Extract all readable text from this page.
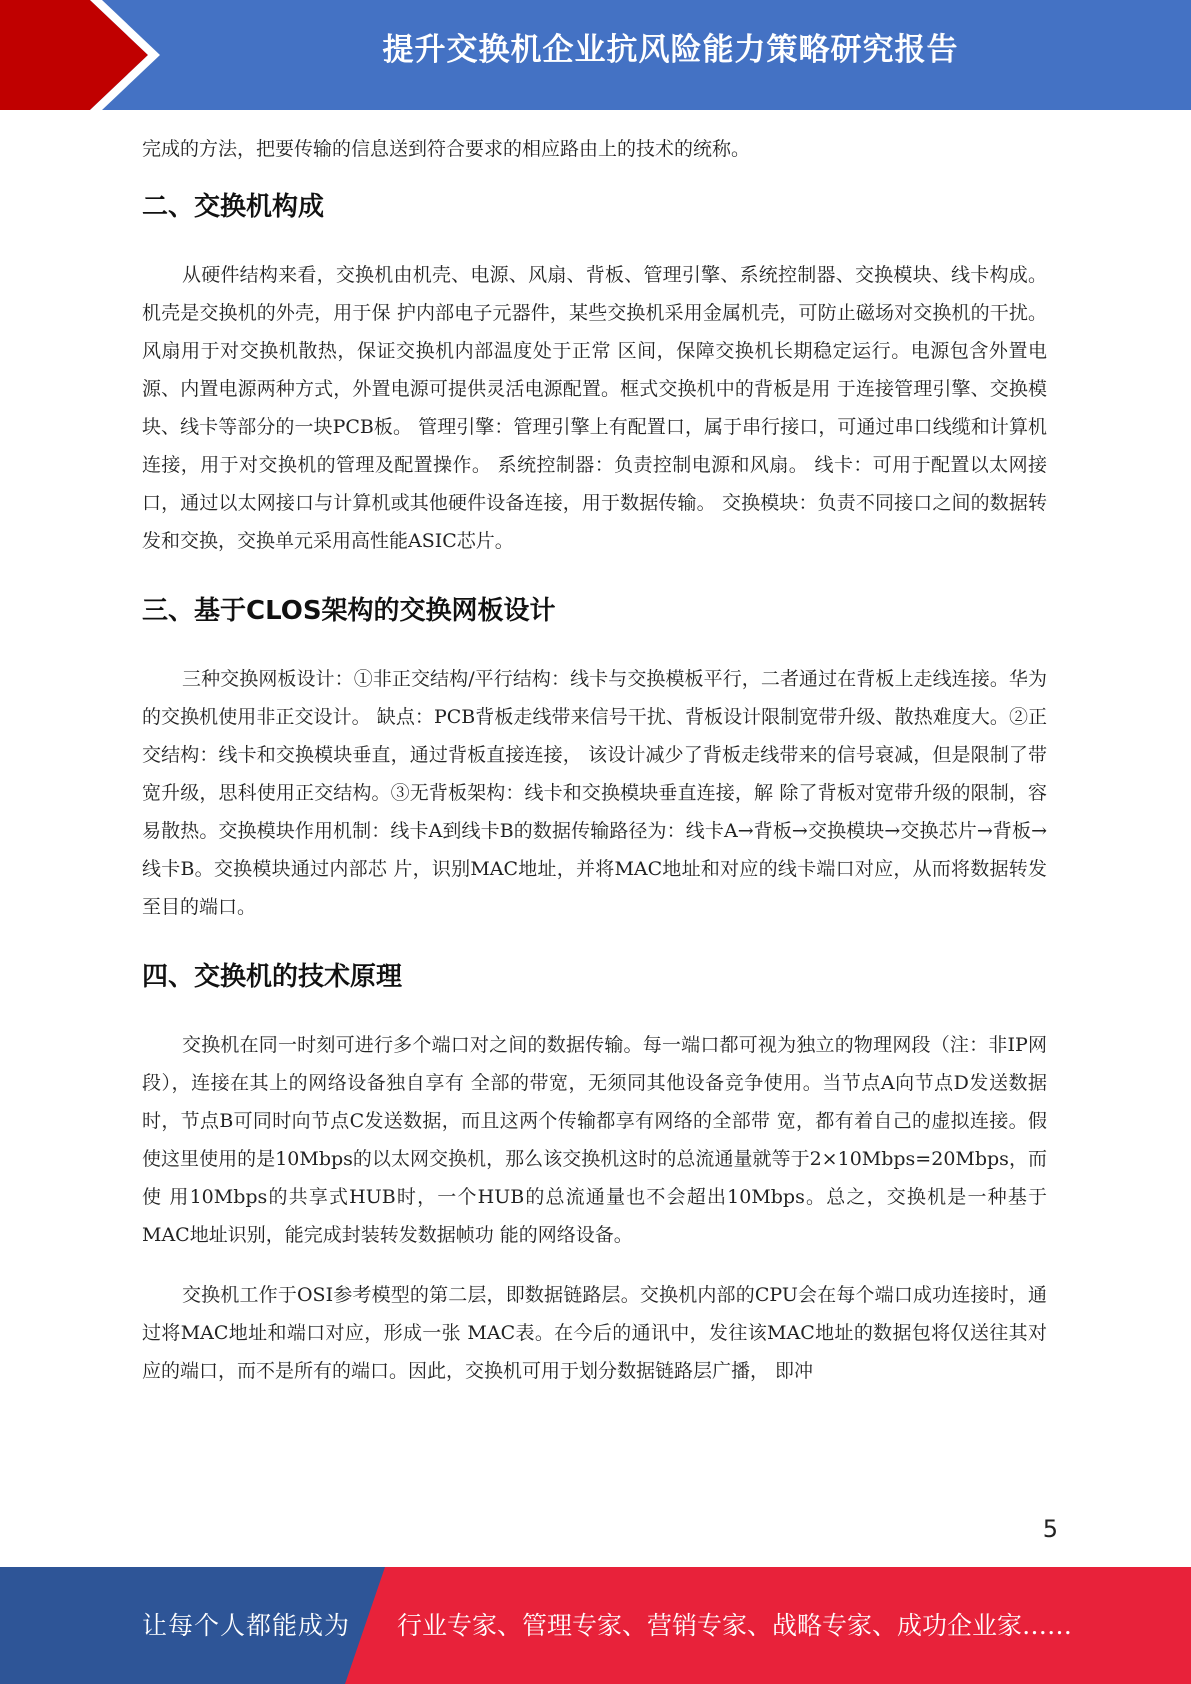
提升交换机企业抗风险能力策略研究报告

完成的方法，把要传输的信息送到符合要求的相应路由上的技术的统称。

二、交换机构成

从硬件结构来看，交换机由机壳、电源、风扇、背板、管理引擎、系统控制器、交换模块、线卡构成。机壳是交换机的外壳，用于保 护内部电子元器件，某些交换机采用金属机壳，可防止磁场对交换机的干扰。风扇用于对交换机散热，保证交换机内部温度处于正常 区间，保障交换机长期稳定运行。电源包含外置电源、内置电源两种方式，外置电源可提供灵活电源配置。框式交换机中的背板是用 于连接管理引擎、交换模块、线卡等部分的一块PCB板。 管理引擎：管理引擎上有配置口，属于串行接口，可通过串口线缆和计算机连接，用于对交换机的管理及配置操作。 系统控制器：负责控制电源和风扇。 线卡：可用于配置以太网接口，通过以太网接口与计算机或其他硬件设备连接，用于数据传输。 交换模块：负责不同接口之间的数据转发和交换，交换单元采用高性能ASIC芯片。

三、基于CLOS架构的交换网板设计

三种交换网板设计：①非正交结构/平行结构：线卡与交换模板平行，二者通过在背板上走线连接。华为的交换机使用非正交设计。 缺点：PCB背板走线带来信号干扰、背板设计限制宽带升级、散热难度大。②正交结构：线卡和交换模块垂直，通过背板直接连接， 该设计减少了背板走线带来的信号衰减，但是限制了带宽升级，思科使用正交结构。③无背板架构：线卡和交换模块垂直连接，解 除了背板对宽带升级的限制，容易散热。交换模块作用机制：线卡A到线卡B的数据传输路径为：线卡A→背板→交换模块→交换芯片→背板→线卡B。交换模块通过内部芯 片，识别MAC地址，并将MAC地址和对应的线卡端口对应，从而将数据转发至目的端口。

四、交换机的技术原理

交换机在同一时刻可进行多个端口对之间的数据传输。每一端口都可视为独立的物理网段（注：非IP网段），连接在其上的网络设备独自享有 全部的带宽，无须同其他设备竞争使用。当节点A向节点D发送数据时，节点B可同时向节点C发送数据，而且这两个传输都享有网络的全部带 宽，都有着自己的虚拟连接。假使这里使用的是10Mbps的以太网交换机，那么该交换机这时的总流通量就等于2×10Mbps=20Mbps，而使 用10Mbps的共享式HUB时，一个HUB的总流通量也不会超出10Mbps。总之，交换机是一种基于MAC地址识别，能完成封装转发数据帧功 能的网络设备。

交换机工作于OSI参考模型的第二层，即数据链路层。交换机内部的CPU会在每个端口成功连接时，通过将MAC地址和端口对应，形成一张 MAC表。在今后的通讯中，发往该MAC地址的数据包将仅送往其对应的端口，而不是所有的端口。因此，交换机可用于划分数据链路层广播， 即冲

5
让每个人都能成为 行业专家、管理专家、营销专家、战略专家、成功企业家……
